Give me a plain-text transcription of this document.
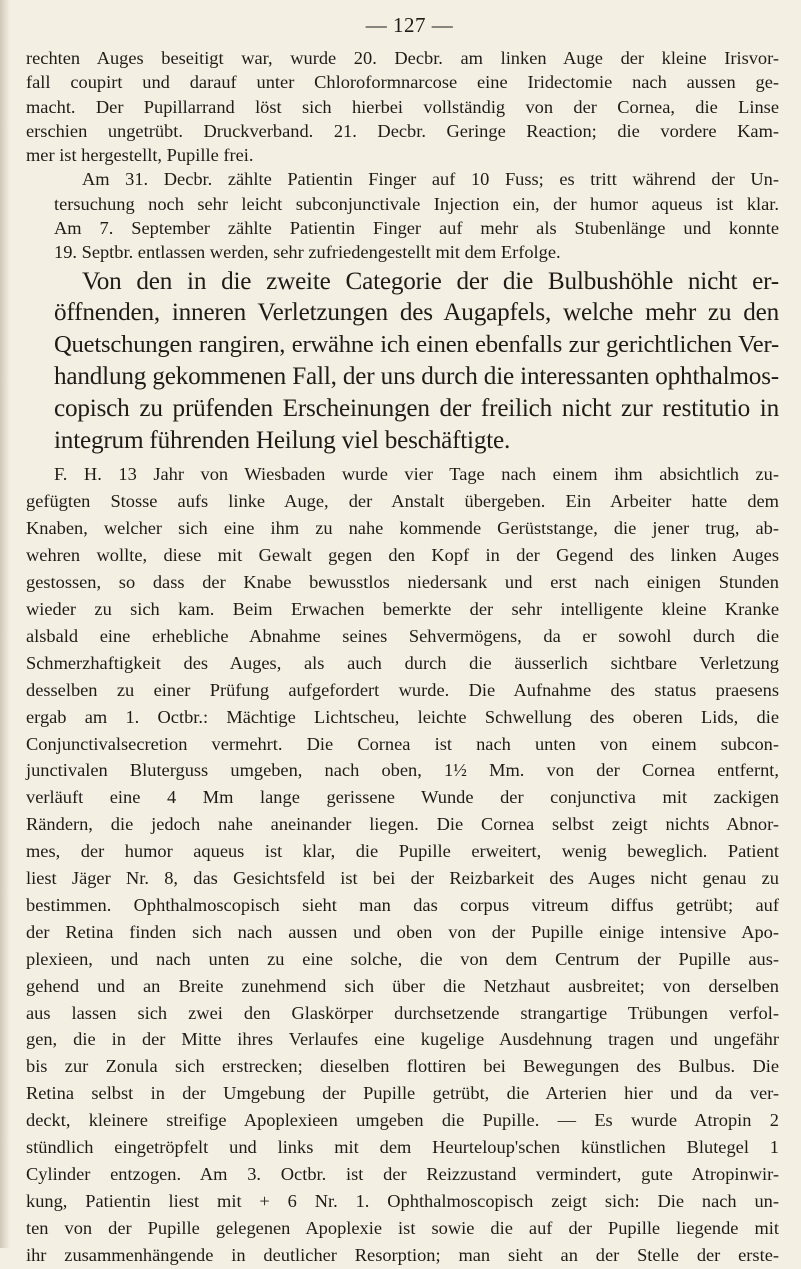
— 127 —
rechten Auges beseitigt war, wurde 20. Decbr. am linken Auge der kleine Irisvor-
fall coupirt und darauf unter Chloroformnarcose eine Iridectomie nach aussen ge-
macht. Der Pupillarrand löst sich hierbei vollständig von der Cornea, die Linse
erschien ungetrübt. Druckverband. 21. Decbr. Geringe Reaction; die vordere Kam-
mer ist hergestellt, Pupille frei.
Am 31. Decbr. zählte Patientin Finger auf 10 Fuss; es tritt während der Un-
tersuchung noch sehr leicht subconjunctivale Injection ein, der humor aqueus ist klar.
Am 7. September zählte Patientin Finger auf mehr als Stubenlänge und konnte
19. Septbr. entlassen werden, sehr zufriedengestellt mit dem Erfolge.
Von den in die zweite Categorie der die Bulbushöhle nicht er-
öffnenden, inneren Verletzungen des Augapfels, welche mehr zu den
Quetschungen rangiren, erwähne ich einen ebenfalls zur gerichtlichen Ver-
handlung gekommenen Fall, der uns durch die interessanten ophthalmos-
copisch zu prüfenden Erscheinungen der freilich nicht zur restitutio in
integrum führenden Heilung viel beschäftigte.
F. H. 13 Jahr von Wiesbaden wurde vier Tage nach einem ihm absichtlich zu-
gefügten Stosse aufs linke Auge, der Anstalt übergeben. Ein Arbeiter hatte dem
Knaben, welcher sich eine ihm zu nahe kommende Gerüststange, die jener trug, ab-
wehren wollte, diese mit Gewalt gegen den Kopf in der Gegend des linken Auges
gestossen, so dass der Knabe bewusstlos niedersank und erst nach einigen Stunden
wieder zu sich kam. Beim Erwachen bemerkte der sehr intelligente kleine Kranke
alsbald eine erhebliche Abnahme seines Sehvermögens, da er sowohl durch die
Schmerzhaftigkeit des Auges, als auch durch die äusserlich sichtbare Verletzung
desselben zu einer Prüfung aufgefordert wurde. Die Aufnahme des status praesens
ergab am 1. Octbr.: Mächtige Lichtscheu, leichte Schwellung des oberen Lids, die
Conjunctivalsecretion vermehrt. Die Cornea ist nach unten von einem subcon-
junctivalen Bluterguss umgeben, nach oben, 1½ Mm. von der Cornea entfernt,
verläuft eine 4 Mm lange gerissene Wunde der conjunctiva mit zackigen
Rändern, die jedoch nahe aneinander liegen. Die Cornea selbst zeigt nichts Abnor-
mes, der humor aqueus ist klar, die Pupille erweitert, wenig beweglich. Patient
liest Jäger Nr. 8, das Gesichtsfeld ist bei der Reizbarkeit des Auges nicht genau zu
bestimmen. Ophthalmoscopisch sieht man das corpus vitreum diffus getrübt; auf
der Retina finden sich nach aussen und oben von der Pupille einige intensive Apo-
plexieen, und nach unten zu eine solche, die von dem Centrum der Pupille aus-
gehend und an Breite zunehmend sich über die Netzhaut ausbreitet; von derselben
aus lassen sich zwei den Glaskörper durchsetzende strangartige Trübungen verfol-
gen, die in der Mitte ihres Verlaufes eine kugelige Ausdehnung tragen und ungefähr
bis zur Zonula sich erstrecken; dieselben flottiren bei Bewegungen des Bulbus. Die
Retina selbst in der Umgebung der Pupille getrübt, die Arterien hier und da ver-
deckt, kleinere streifige Apoplexieen umgeben die Pupille. — Es wurde Atropin 2
stündlich eingetröpfelt und links mit dem Heurteloup'schen künstlichen Blutegel 1
Cylinder entzogen. Am 3. Octbr. ist der Reizzustand vermindert, gute Atropinwir-
kung, Patientin liest mit + 6 Nr. 1. Ophthalmoscopisch zeigt sich: Die nach un-
ten von der Pupille gelegenen Apoplexie ist sowie die auf der Pupille liegende mit
ihr zusammenhängende in deutlicher Resorption; man sieht an der Stelle der erste-
